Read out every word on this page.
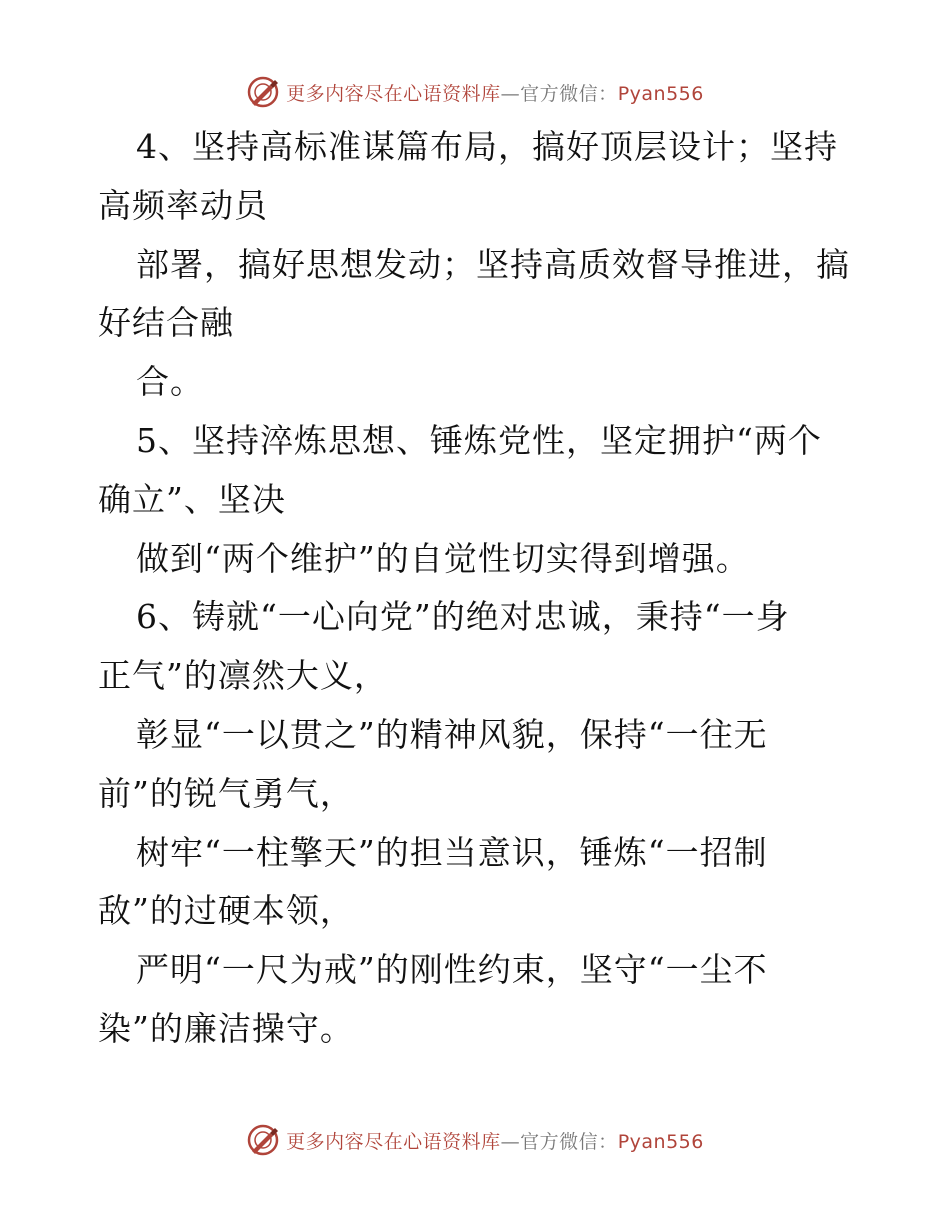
更多内容尽在心语资料库—官方微信：Pyan556
4、坚持高标准谋篇布局，搞好顶层设计；坚持
高频率动员
部署，搞好思想发动；坚持高质效督导推进，搞
好结合融
合。
5、坚持淬炼思想、锤炼党性，坚定拥护“两个
确立”、坚决
做到“两个维护”的自觉性切实得到增强。
6、铸就“一心向党”的绝对忠诚，秉持“一身
正气”的凛然大义，
彰显“一以贯之”的精神风貌，保持“一往无
前”的锐气勇气，
树牢“一柱擎天”的担当意识，锤炼“一招制
敌”的过硬本领，
严明“一尺为戒”的刚性约束，坚守“一尘不
染”的廉洁操守。
更多内容尽在心语资料库—官方微信：Pyan556
